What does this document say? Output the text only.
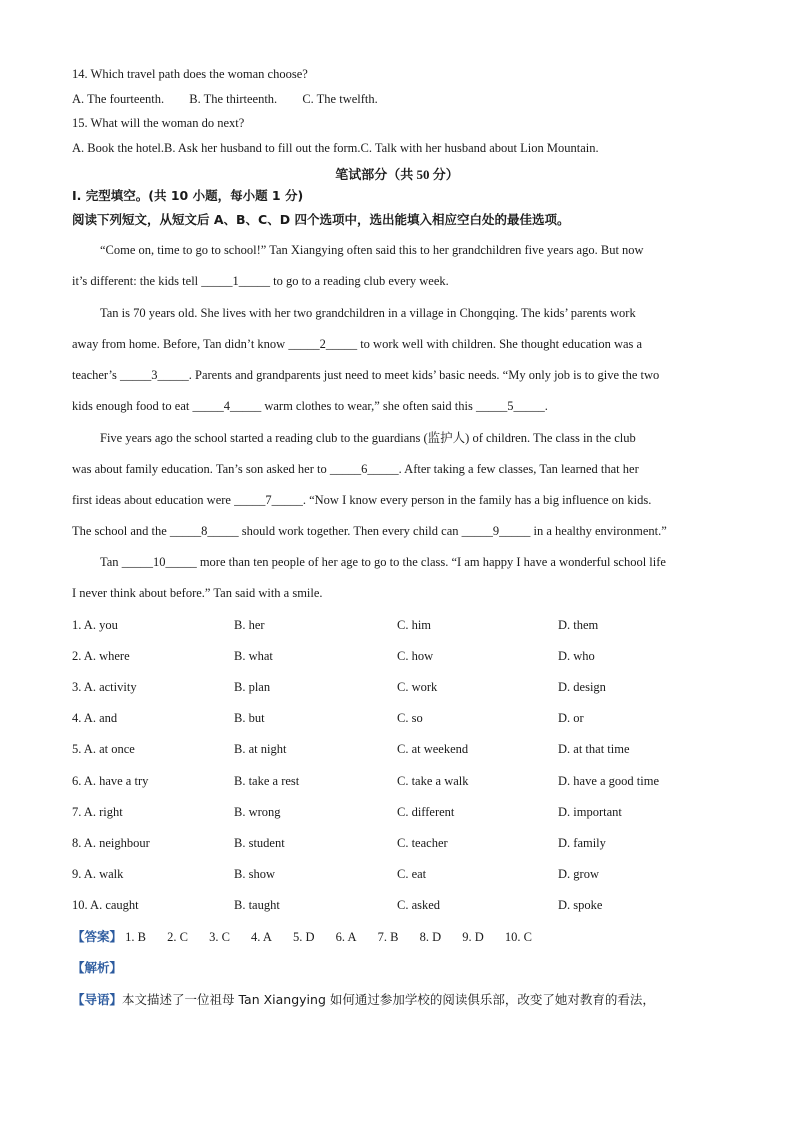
14. Which travel path does the woman choose?
A. The fourteenth. B. The thirteenth. C. The twelfth.
15. What will the woman do next?
A. Book the hotel.B. Ask her husband to fill out the form.C. Talk with her husband about Lion Mountain.
笔试部分（共 50 分）
I. 完型填空。(共 10 小题，每小题 1 分)
阅读下列短文，从短文后 A、B、C、D 四个选项中，选出能填入相应空白处的最佳选项。
“Come on, time to go to school!” Tan Xiangying often said this to her grandchildren five years ago. But now
it’s different: the kids tell _____1_____ to go to a reading club every week.
Tan is 70 years old. She lives with her two grandchildren in a village in Chongqing. The kids’ parents work
away from home. Before, Tan didn’t know _____2_____ to work well with children. She thought education was a
teacher’s _____3_____. Parents and grandparents just need to meet kids’ basic needs. “My only job is to give the two
kids enough food to eat _____4_____ warm clothes to wear,” she often said this _____5_____.
Five years ago the school started a reading club to the guardians (监护人) of children. The class in the club
was about family education. Tan’s son asked her to _____6_____. After taking a few classes, Tan learned that her
first ideas about education were _____7_____. “Now I know every person in the family has a big influence on kids.
The school and the _____8_____ should work together. Then every child can _____9_____ in a healthy environment.”
Tan _____10_____ more than ten people of her age to go to the class. “I am happy I have a wonderful school life
I never think about before.” Tan said with a smile.
1. A. you	B. her	C. him	D. them
2. A. where	B. what	C. how	D. who
3. A. activity	B. plan	C. work	D. design
4. A. and	B. but	C. so	D. or
5. A. at once	B. at night	C. at weekend	D. at that time
6. A. have a try	B. take a rest	C. take a walk	D. have a good time
7. A. right	B. wrong	C. different	D. important
8. A. neighbour	B. student	C. teacher	D. family
9. A. walk	B. show	C. eat	D. grow
10. A. caught	B. taught	C. asked	D. spoke
【答案】 1. B 2. C 3. C 4. A 5. D 6. A 7. B 8. D 9. D 10. C
【解析】
【导语】本文描述了一位祖母 Tan Xiangying 如何通过参加学校的阅读俱乐部，改变了她对教育的看法，
